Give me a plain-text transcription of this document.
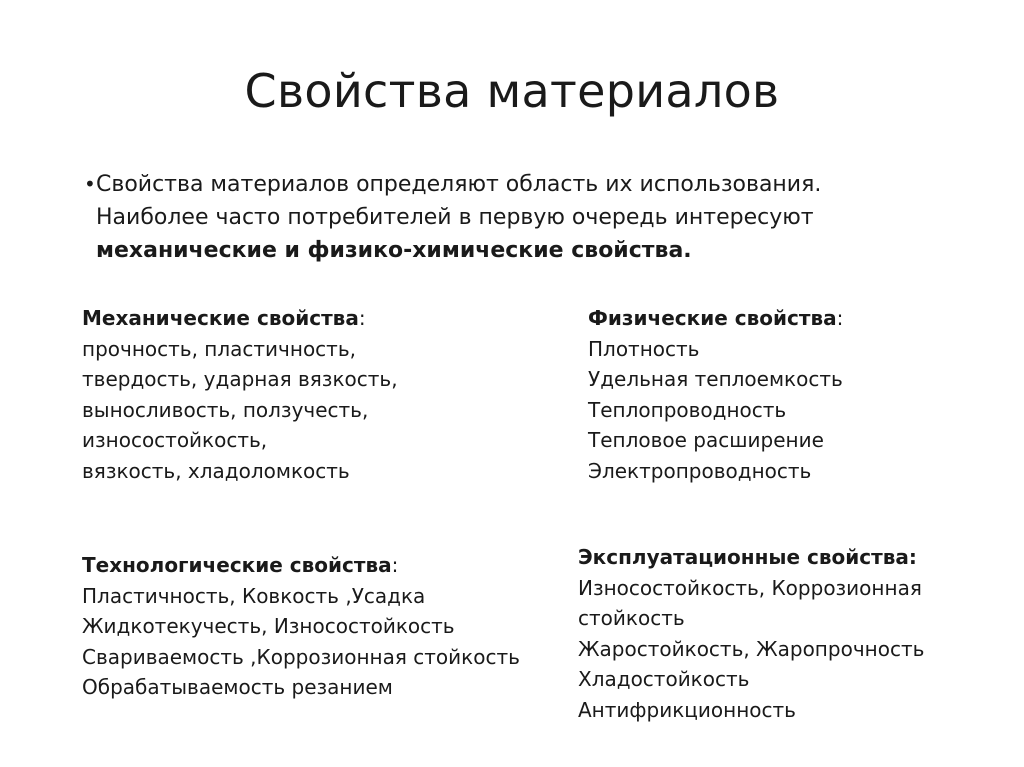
Свойства материалов
• Свойства материалов определяют область их использования.
Наиболее часто потребителей в первую очередь интересуют
механические и физико-химические свойства.
Механические свойства:
прочность, пластичность,
твердость, ударная вязкость,
выносливость, ползучесть,
износостойкость,
вязкость, хладоломкость
Физические свойства:
Плотность
Удельная теплоемкость
Теплопроводность
Тепловое расширение
Электропроводность
Технологические свойства:
Пластичность, Ковкость ,Усадка
Жидкотекучесть, Износостойкость
Свариваемость ,Коррозионная стойкость
Обрабатываемость резанием
Эксплуатационные свойства:
Износостойкость, Коррозионная
стойкость
Жаростойкость, Жаропрочность
Хладостойкость
Антифрикционность
